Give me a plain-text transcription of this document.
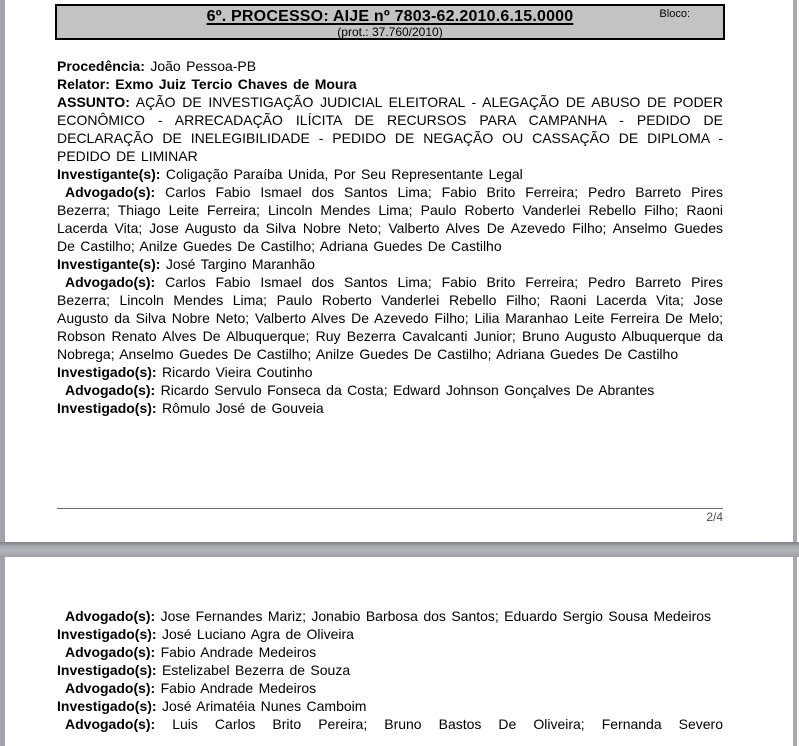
6º. PROCESSO: AIJE nº 7803-62.2010.6.15.0000
(prot.: 37.760/2010)
Bloco:

Procedência: João Pessoa-PB

Relator: Exmo Juiz Tercio Chaves de Moura

ASSUNTO: AÇÃO DE INVESTIGAÇÃO JUDICIAL ELEITORAL - ALEGAÇÃO DE ABUSO DE PODER ECONÔMICO - ARRECADAÇÃO ILÍCITA DE RECURSOS PARA CAMPANHA - PEDIDO DE DECLARAÇÃO DE INELEGIBILIDADE - PEDIDO DE NEGAÇÃO OU CASSAÇÃO DE DIPLOMA - PEDIDO DE LIMINAR

Investigante(s): Coligação Paraíba Unida, Por Seu Representante Legal

Advogado(s): Carlos Fabio Ismael dos Santos Lima; Fabio Brito Ferreira; Pedro Barreto Pires Bezerra; Thiago Leite Ferreira; Lincoln Mendes Lima; Paulo Roberto Vanderlei Rebello Filho; Raoni Lacerda Vita; Jose Augusto da Silva Nobre Neto; Valberto Alves De Azevedo Filho; Anselmo Guedes De Castilho; Anilze Guedes De Castilho; Adriana Guedes De Castilho

Investigante(s): José Targino Maranhão

Advogado(s): Carlos Fabio Ismael dos Santos Lima; Fabio Brito Ferreira; Pedro Barreto Pires Bezerra; Lincoln Mendes Lima; Paulo Roberto Vanderlei Rebello Filho; Raoni Lacerda Vita; Jose Augusto da Silva Nobre Neto; Valberto Alves De Azevedo Filho; Lilia Maranhao Leite Ferreira De Melo; Robson Renato Alves De Albuquerque; Ruy Bezerra Cavalcanti Junior; Bruno Augusto Albuquerque da Nobrega; Anselmo Guedes De Castilho; Anilze Guedes De Castilho; Adriana Guedes De Castilho

Investigado(s): Ricardo Vieira Coutinho

Advogado(s): Ricardo Servulo Fonseca da Costa; Edward Johnson Gonçalves De Abrantes

Investigado(s): Rômulo José de Gouveia

2/4

Advogado(s): Jose Fernandes Mariz; Jonabio Barbosa dos Santos; Eduardo Sergio Sousa Medeiros

Investigado(s): José Luciano Agra de Oliveira

Advogado(s): Fabio Andrade Medeiros

Investigado(s): Estelizabel Bezerra de Souza

Advogado(s): Fabio Andrade Medeiros

Investigado(s): José Arimatéia Nunes Camboim

Advogado(s): Luis Carlos Brito Pereira; Bruno Bastos De Oliveira; Fernanda Severo
